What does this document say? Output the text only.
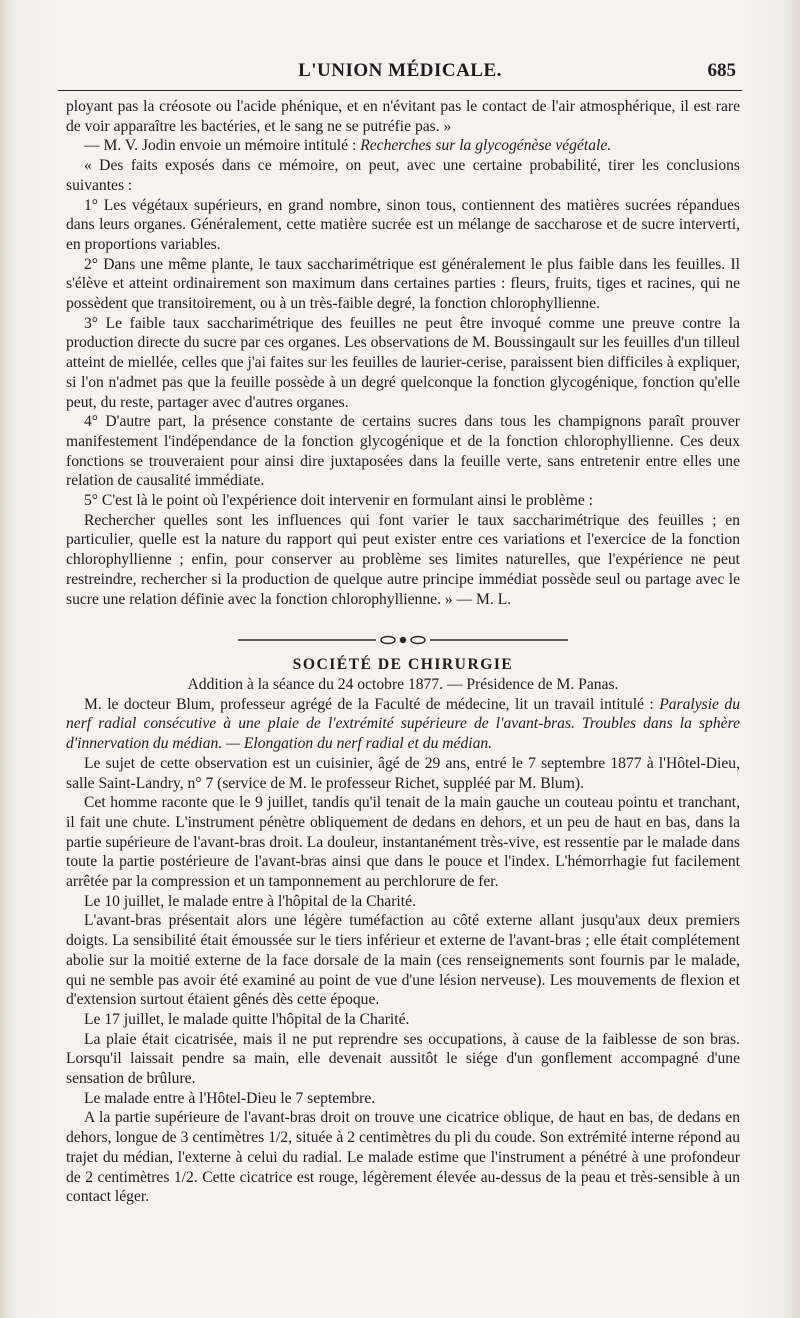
L'UNION MÉDICALE.	685

ployant pas la créosote ou l'acide phénique, et en n'évitant pas le contact de l'air atmosphérique, il est rare de voir apparaître les bactéries, et le sang ne se putréfie pas. »

— M. V. Jodin envoie un mémoire intitulé : Recherches sur la glycogénèse végétale.

« Des faits exposés dans ce mémoire, on peut, avec une certaine probabilité, tirer les conclusions suivantes :

1° Les végétaux supérieurs, en grand nombre, sinon tous, contiennent des matières sucrées répandues dans leurs organes. Généralement, cette matière sucrée est un mélange de saccharose et de sucre interverti, en proportions variables.

2° Dans une même plante, le taux saccharimétrique est généralement le plus faible dans les feuilles. Il s'élève et atteint ordinairement son maximum dans certaines parties : fleurs, fruits, tiges et racines, qui ne possèdent que transitoirement, ou à un très-faible degré, la fonction chlorophyllienne.

3° Le faible taux saccharimétrique des feuilles ne peut être invoqué comme une preuve contre la production directe du sucre par ces organes. Les observations de M. Boussingault sur les feuilles d'un tilleul atteint de miellée, celles que j'ai faites sur les feuilles de laurier-cerise, paraissent bien difficiles à expliquer, si l'on n'admet pas que la feuille possède à un degré quelconque la fonction glycogénique, fonction qu'elle peut, du reste, partager avec d'autres organes.

4° D'autre part, la présence constante de certains sucres dans tous les champignons paraît prouver manifestement l'indépendance de la fonction glycogénique et de la fonction chlorophyllienne. Ces deux fonctions se trouveraient pour ainsi dire juxtaposées dans la feuille verte, sans entretenir entre elles une relation de causalité immédiate.

5° C'est là le point où l'expérience doit intervenir en formulant ainsi le problème :

Rechercher quelles sont les influences qui font varier le taux saccharimétrique des feuilles ; en particulier, quelle est la nature du rapport qui peut exister entre ces variations et l'exercice de la fonction chlorophyllienne ; enfin, pour conserver au problème ses limites naturelles, que l'expérience ne peut restreindre, rechercher si la production de quelque autre principe immédiat possède seul ou partage avec le sucre une relation définie avec la fonction chlorophyllienne. » — M. L.

SOCIÉTÉ DE CHIRURGIE

Addition à la séance du 24 octobre 1877. — Présidence de M. Panas.

M. le docteur Blum, professeur agrégé de la Faculté de médecine, lit un travail intitulé : Paralysie du nerf radial consécutive à une plaie de l'extrémité supérieure de l'avant-bras. Troubles dans la sphère d'innervation du médian. — Elongation du nerf radial et du médian.

Le sujet de cette observation est un cuisinier, âgé de 29 ans, entré le 7 septembre 1877 à l'Hôtel-Dieu, salle Saint-Landry, n° 7 (service de M. le professeur Richet, suppléé par M. Blum).

Cet homme raconte que le 9 juillet, tandis qu'il tenait de la main gauche un couteau pointu et tranchant, il fait une chute. L'instrument pénètre obliquement de dedans en dehors, et un peu de haut en bas, dans la partie supérieure de l'avant-bras droit. La douleur, instantanément très-vive, est ressentie par le malade dans toute la partie postérieure de l'avant-bras ainsi que dans le pouce et l'index. L'hémorrhagie fut facilement arrêtée par la compression et un tamponnement au perchlorure de fer.

Le 10 juillet, le malade entre à l'hôpital de la Charité.

L'avant-bras présentait alors une légère tuméfaction au côté externe allant jusqu'aux deux premiers doigts. La sensibilité était émoussée sur le tiers inférieur et externe de l'avant-bras ; elle était complétement abolie sur la moitié externe de la face dorsale de la main (ces renseignements sont fournis par le malade, qui ne semble pas avoir été examiné au point de vue d'une lésion nerveuse). Les mouvements de flexion et d'extension surtout étaient gênés dès cette époque.

Le 17 juillet, le malade quitte l'hôpital de la Charité.

La plaie était cicatrisée, mais il ne put reprendre ses occupations, à cause de la faiblesse de son bras. Lorsqu'il laissait pendre sa main, elle devenait aussitôt le siége d'un gonflement accompagné d'une sensation de brûlure.

Le malade entre à l'Hôtel-Dieu le 7 septembre.

A la partie supérieure de l'avant-bras droit on trouve une cicatrice oblique, de haut en bas, de dedans en dehors, longue de 3 centimètres 1/2, située à 2 centimètres du pli du coude. Son extrémité interne répond au trajet du médian, l'externe à celui du radial. Le malade estime que l'instrument a pénétré à une profondeur de 2 centimètres 1/2. Cette cicatrice est rouge, légèrement élevée au-dessus de la peau et très-sensible à un contact léger.
